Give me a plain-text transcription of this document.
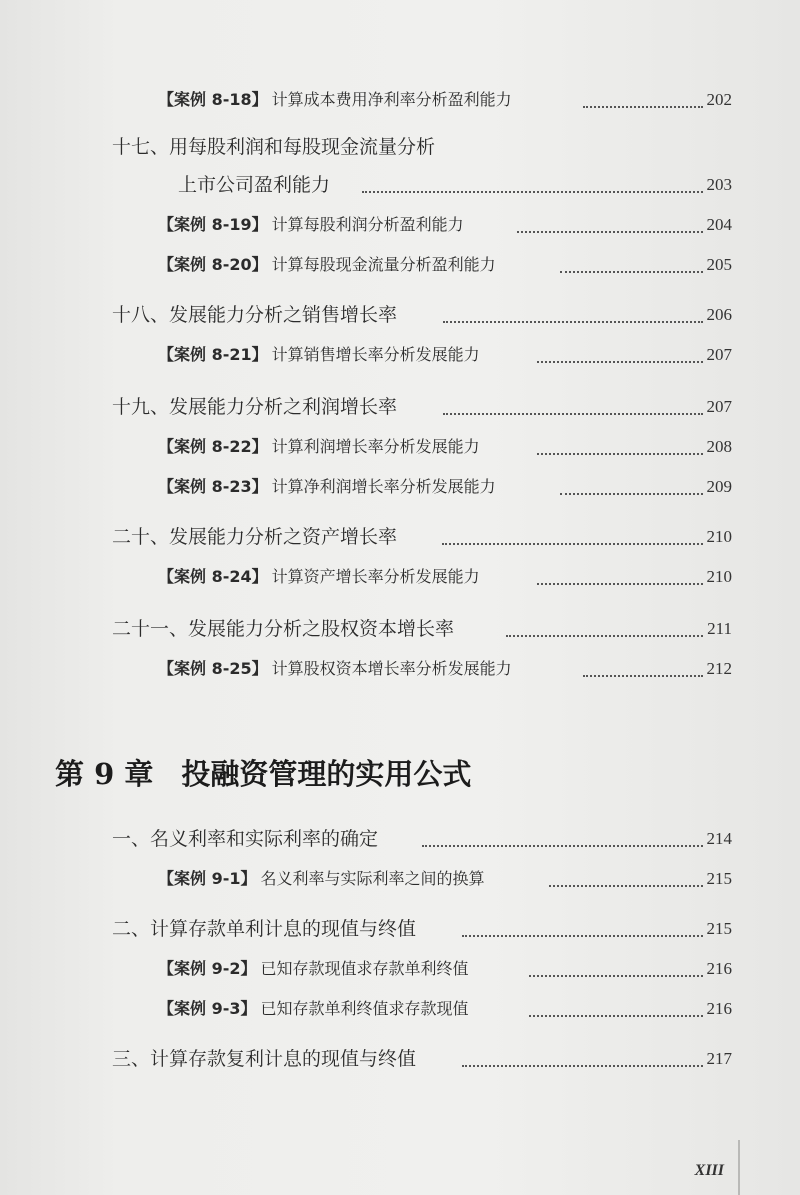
【案例 8-18】 计算成本费用净利率分析盈利能力	202
十七、用每股利润和每股现金流量分析
上市公司盈利能力	203
【案例 8-19】 计算每股利润分析盈利能力	204
【案例 8-20】 计算每股现金流量分析盈利能力	205
十八、发展能力分析之销售增长率	206
【案例 8-21】 计算销售增长率分析发展能力	207
十九、发展能力分析之利润增长率	207
【案例 8-22】 计算利润增长率分析发展能力	208
【案例 8-23】 计算净利润增长率分析发展能力	209
二十、发展能力分析之资产增长率	210
【案例 8-24】 计算资产增长率分析发展能力	210
二十一、发展能力分析之股权资本增长率	211
【案例 8-25】 计算股权资本增长率分析发展能力	212
一、名义利率和实际利率的确定	214
【案例 9-1】 名义利率与实际利率之间的换算	215
二、计算存款单利计息的现值与终值	215
【案例 9-2】 已知存款现值求存款单利终值	216
【案例 9-3】 已知存款单利终值求存款现值	216
三、计算存款复利计息的现值与终值	217
第 9 章 投融资管理的实用公式
XIII
